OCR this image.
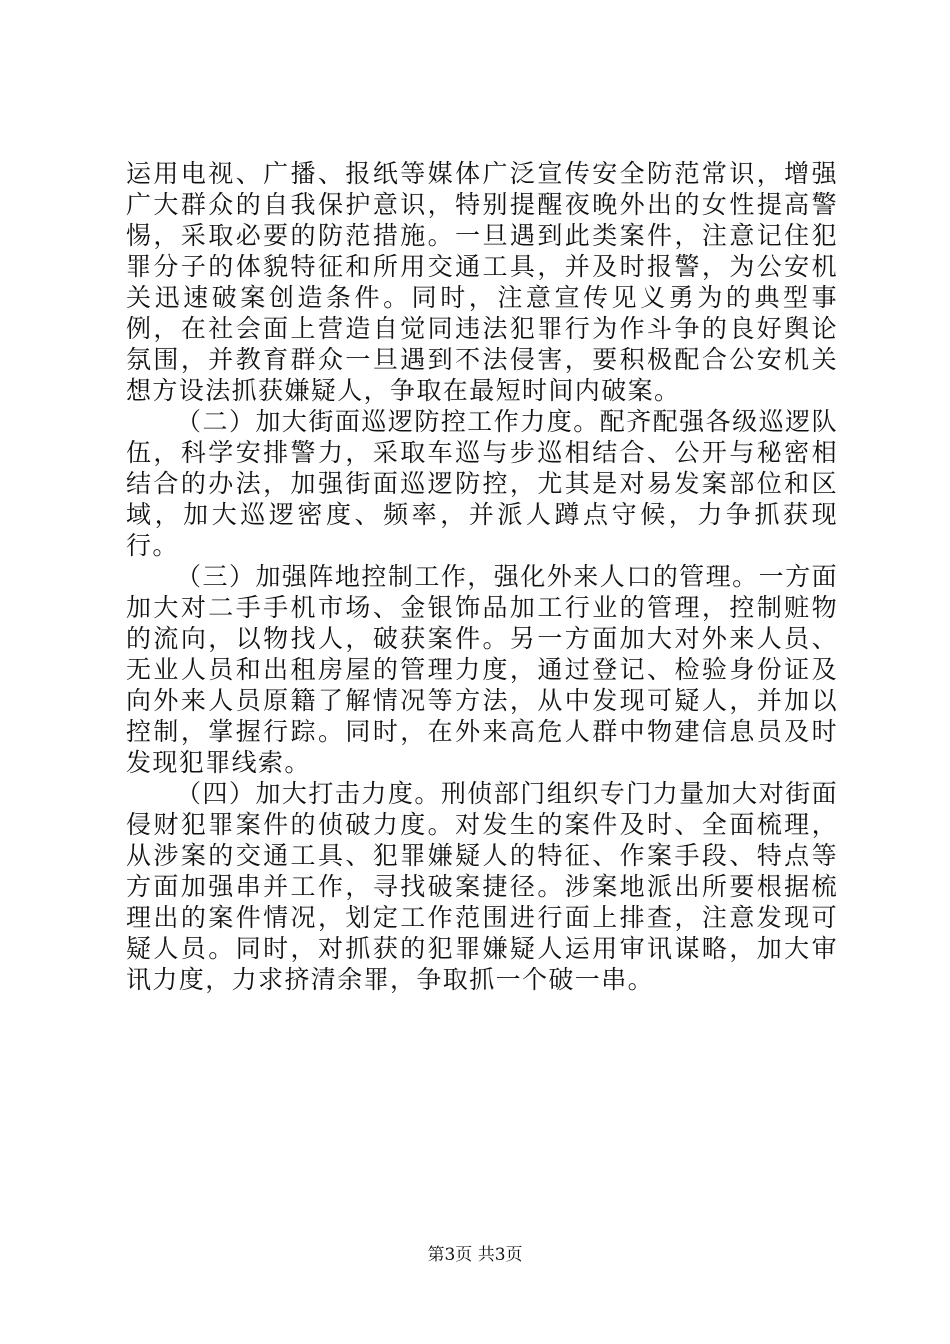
运用电视、广播、报纸等媒体广泛宣传安全防范常识，增强广大群众的自我保护意识，特别提醒夜晚外出的女性提高警惕，采取必要的防范措施。一旦遇到此类案件，注意记住犯罪分子的体貌特征和所用交通工具，并及时报警，为公安机关迅速破案创造条件。同时，注意宣传见义勇为的典型事例，在社会面上营造自觉同违法犯罪行为作斗争的良好舆论氛围，并教育群众一旦遇到不法侵害，要积极配合公安机关想方设法抓获嫌疑人，争取在最短时间内破案。

（二）加大街面巡逻防控工作力度。配齐配强各级巡逻队伍，科学安排警力，采取车巡与步巡相结合、公开与秘密相结合的办法，加强街面巡逻防控，尤其是对易发案部位和区域，加大巡逻密度、频率，并派人蹲点守候，力争抓获现行。

（三）加强阵地控制工作，强化外来人口的管理。一方面加大对二手手机市场、金银饰品加工行业的管理，控制赃物的流向，以物找人，破获案件。另一方面加大对外来人员、无业人员和出租房屋的管理力度，通过登记、检验身份证及向外来人员原籍了解情况等方法，从中发现可疑人，并加以控制，掌握行踪。同时，在外来高危人群中物建信息员及时发现犯罪线索。

（四）加大打击力度。刑侦部门组织专门力量加大对街面侵财犯罪案件的侦破力度。对发生的案件及时、全面梳理，从涉案的交通工具、犯罪嫌疑人的特征、作案手段、特点等方面加强串并工作，寻找破案捷径。涉案地派出所要根据梳理出的案件情况，划定工作范围进行面上排查，注意发现可疑人员。同时，对抓获的犯罪嫌疑人运用审讯谋略，加大审讯力度，力求挤清余罪，争取抓一个破一串。

第3页 共3页
